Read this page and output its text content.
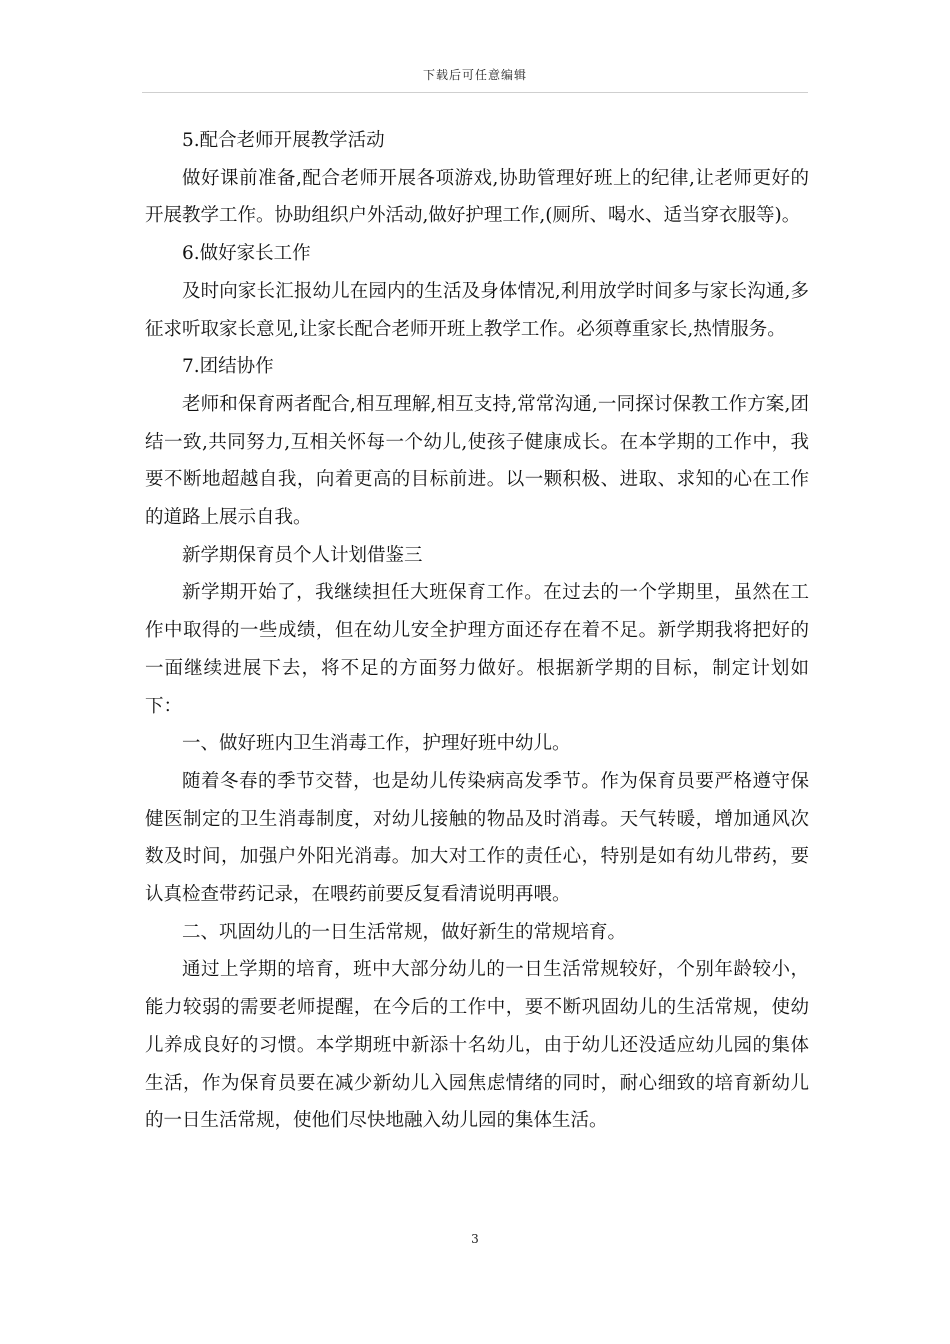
下载后可任意编辑

5.配合老师开展教学活动

做好课前准备,配合老师开展各项游戏,协助管理好班上的纪律,让老师更好的开展教学工作。协助组织户外活动,做好护理工作,(厕所、喝水、适当穿衣服等)。

6.做好家长工作

及时向家长汇报幼儿在园内的生活及身体情况,利用放学时间多与家长沟通,多征求听取家长意见,让家长配合老师开班上教学工作。必须尊重家长,热情服务。

7.团结协作

老师和保育两者配合,相互理解,相互支持,常常沟通,一同探讨保教工作方案,团结一致,共同努力,互相关怀每一个幼儿,使孩子健康成长。在本学期的工作中，我要不断地超越自我，向着更高的目标前进。以一颗积极、进取、求知的心在工作的道路上展示自我。

新学期保育员个人计划借鉴三

新学期开始了，我继续担任大班保育工作。在过去的一个学期里，虽然在工作中取得的一些成绩，但在幼儿安全护理方面还存在着不足。新学期我将把好的一面继续进展下去，将不足的方面努力做好。根据新学期的目标，制定计划如下：

一、做好班内卫生消毒工作，护理好班中幼儿。

随着冬春的季节交替，也是幼儿传染病高发季节。作为保育员要严格遵守保健医制定的卫生消毒制度，对幼儿接触的物品及时消毒。天气转暖，增加通风次数及时间，加强户外阳光消毒。加大对工作的责任心，特别是如有幼儿带药，要认真检查带药记录，在喂药前要反复看清说明再喂。

二、巩固幼儿的一日生活常规，做好新生的常规培育。

通过上学期的培育，班中大部分幼儿的一日生活常规较好，个别年龄较小，能力较弱的需要老师提醒，在今后的工作中，要不断巩固幼儿的生活常规，使幼儿养成良好的习惯。本学期班中新添十名幼儿，由于幼儿还没适应幼儿园的集体生活，作为保育员要在减少新幼儿入园焦虑情绪的同时，耐心细致的培育新幼儿的一日生活常规，使他们尽快地融入幼儿园的集体生活。

3
